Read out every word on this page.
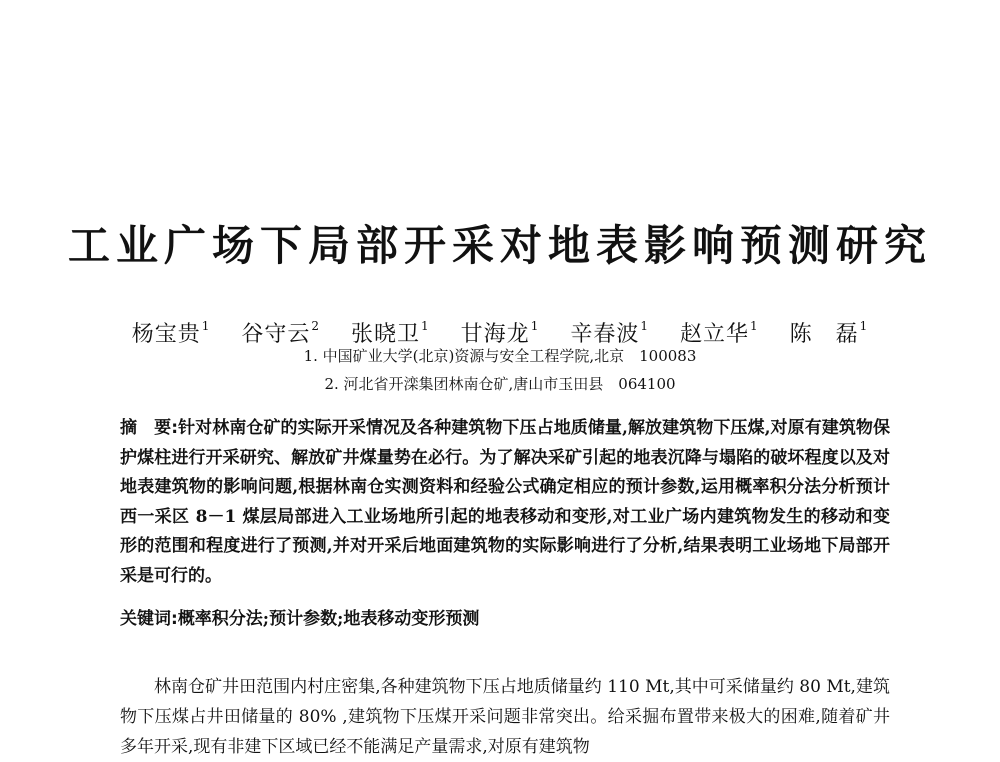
工业广场下局部开采对地表影响预测研究
杨宝贵$^1$ 谷守云$^2$ 张晓卫$^1$ 甘海龙$^1$ 辛春波$^1$ 赵立华$^1$ 陈　磊$^1$
1. 中国矿业大学(北京)资源与安全工程学院,北京　100083
2. 河北省开滦集团林南仓矿,唐山市玉田县　064100
摘　要:针对林南仓矿的实际开采情况及各种建筑物下压占地质储量,解放建筑物下压煤,对原有建筑物保护煤柱进行开采研究、解放矿井煤量势在必行。为了解决采矿引起的地表沉降与塌陷的破坏程度以及对地表建筑物的影响问题,根据林南仓实测资料和经验公式确定相应的预计参数,运用概率积分法分析预计西一采区 8－1 煤层局部进入工业场地所引起的地表移动和变形,对工业广场内建筑物发生的移动和变形的范围和程度进行了预测,并对开采后地面建筑物的实际影响进行了分析,结果表明工业场地下局部开采是可行的。
关键词:概率积分法;预计参数;地表移动变形预测
林南仓矿井田范围内村庄密集,各种建筑物下压占地质储量约 110 Mt,其中可采储量约 80 Mt,建筑物下压煤占井田储量的 80% ,建筑物下压煤开采问题非常突出。给采掘布置带来极大的困难,随着矿井多年开采,现有非建下区域已经不能满足产量需求,对原有建筑物
